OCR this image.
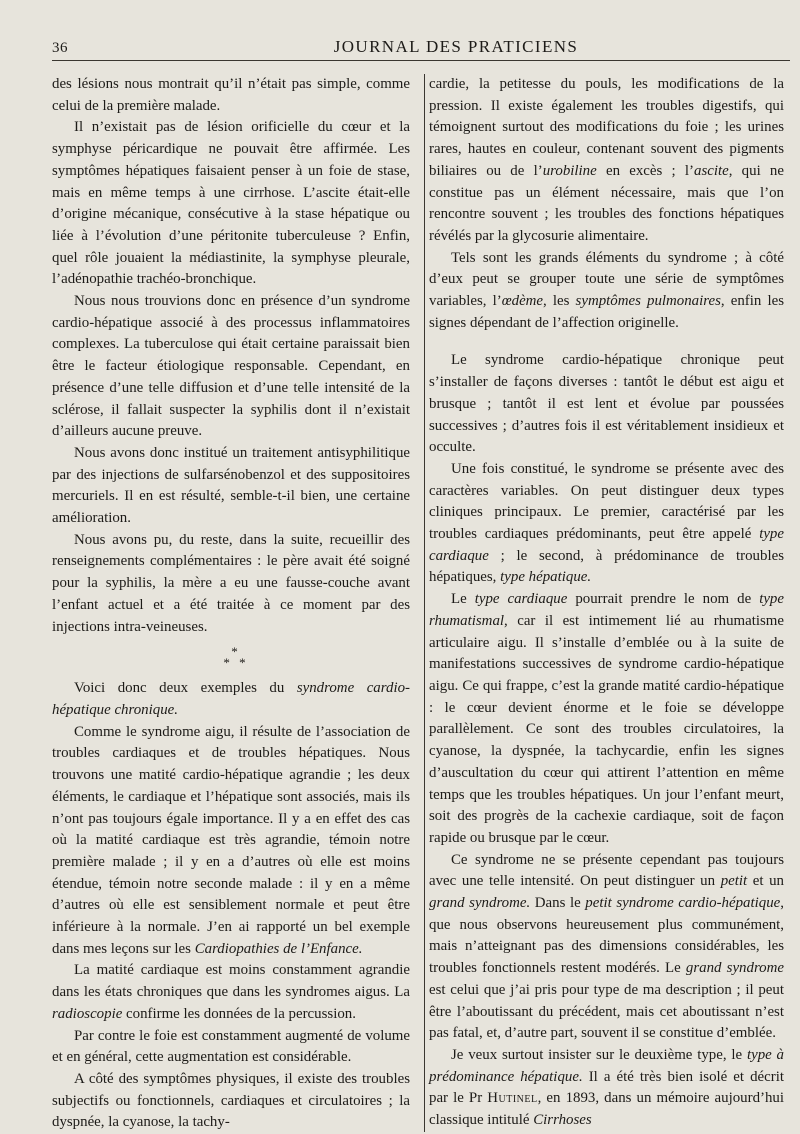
36	JOURNAL DES PRATICIENS

des lésions nous montrait qu’il n’était pas simple, comme celui de la première malade.

Il n’existait pas de lésion orificielle du cœur et la symphyse péricardique ne pouvait être affirmée. Les symptômes hépatiques faisaient penser à un foie de stase, mais en même temps à une cirrhose. L’ascite était-elle d’origine mécanique, consécutive à la stase hépatique ou liée à l’évolution d’une péritonite tuberculeuse ? Enfin, quel rôle jouaient la médiastinite, la symphyse pleurale, l’adénopathie trachéo-bronchique.

Nous nous trouvions donc en présence d’un syndrome cardio-hépatique associé à des processus inflammatoires complexes. La tuberculose qui était certaine paraissait bien être le facteur étiologique responsable. Cependant, en présence d’une telle diffusion et d’une telle intensité de la sclérose, il fallait suspecter la syphilis dont il n’existait d’ailleurs aucune preuve.

Nous avons donc institué un traitement antisyphilitique par des injections de sulfarsénobenzol et des suppositoires mercuriels. Il en est résulté, semble-t-il bien, une certaine amélioration.

Nous avons pu, du reste, dans la suite, recueillir des renseignements complémentaires : le père avait été soigné pour la syphilis, la mère a eu une fausse-couche avant l’enfant actuel et a été traitée à ce moment par des injections intra-veineuses.

*
* *

Voici donc deux exemples du syndrome cardio-hépatique chronique.

Comme le syndrome aigu, il résulte de l’association de troubles cardiaques et de troubles hépatiques. Nous trouvons une matité cardio-hépatique agrandie ; les deux éléments, le cardiaque et l’hépatique sont associés, mais ils n’ont pas toujours égale importance. Il y a en effet des cas où la matité cardiaque est très agrandie, témoin notre première malade ; il y en a d’autres où elle est moins étendue, témoin notre seconde malade : il y en a même d’autres où elle est sensiblement normale et peut être inférieure à la normale. J’en ai rapporté un bel exemple dans mes leçons sur les Cardiopathies de l’Enfance.

La matité cardiaque est moins constamment agrandie dans les états chroniques que dans les syndromes aigus. La radioscopie confirme les données de la percussion.

Par contre le foie est constamment augmenté de volume et en général, cette augmentation est considérable.

A côté des symptômes physiques, il existe des troubles subjectifs ou fonctionnels, cardiaques et circulatoires ; la dyspnée, la cyanose, la tachy-

cardie, la petitesse du pouls, les modifications de la pression. Il existe également les troubles digestifs, qui témoignent surtout des modifications du foie ; les urines rares, hautes en couleur, contenant souvent des pigments biliaires ou de l’urobiline en excès ; l’ascite, qui ne constitue pas un élément nécessaire, mais que l’on rencontre souvent ; les troubles des fonctions hépatiques révélés par la glycosurie alimentaire.

Tels sont les grands éléments du syndrome ; à côté d’eux peut se grouper toute une série de symptômes variables, l’œdème, les symptômes pulmonaires, enfin les signes dépendant de l’affection originelle.

Le syndrome cardio-hépatique chronique peut s’installer de façons diverses : tantôt le début est aigu et brusque ; tantôt il est lent et évolue par poussées successives ; d’autres fois il est véritablement insidieux et occulte.

Une fois constitué, le syndrome se présente avec des caractères variables. On peut distinguer deux types cliniques principaux. Le premier, caractérisé par les troubles cardiaques prédominants, peut être appelé type cardiaque ; le second, à prédominance de troubles hépatiques, type hépatique.

Le type cardiaque pourrait prendre le nom de type rhumatismal, car il est intimement lié au rhumatisme articulaire aigu. Il s’installe d’emblée ou à la suite de manifestations successives de syndrome cardio-hépatique aigu. Ce qui frappe, c’est la grande matité cardio-hépatique : le cœur devient énorme et le foie se développe parallèlement. Ce sont des troubles circulatoires, la cyanose, la dyspnée, la tachycardie, enfin les signes d’auscultation du cœur qui attirent l’attention en même temps que les troubles hépatiques. Un jour l’enfant meurt, soit des progrès de la cachexie cardiaque, soit de façon rapide ou brusque par le cœur.

Ce syndrome ne se présente cependant pas toujours avec une telle intensité. On peut distinguer un petit et un grand syndrome. Dans le petit syndrome cardio-hépatique, que nous observons heureusement plus communément, mais n’atteignant pas des dimensions considérables, les troubles fonctionnels restent modérés. Le grand syndrome est celui que j’ai pris pour type de ma description ; il peut être l’aboutissant du précédent, mais cet aboutissant n’est pas fatal, et, d’autre part, souvent il se constitue d’emblée.

Je veux surtout insister sur le deuxième type, le type à prédominance hépatique. Il a été très bien isolé et décrit par le Pr Hutinel, en 1893, dans un mémoire aujourd’hui classique intitulé Cirrhoses
